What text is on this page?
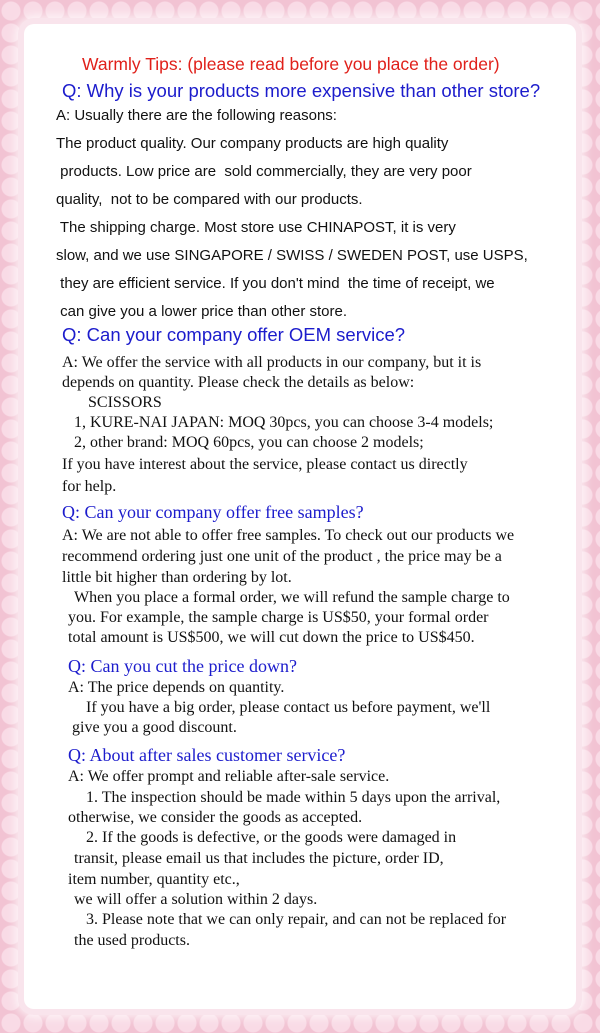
Warmly Tips: (please read before you place the order)
Q: Why is your products more expensive than other store?
A: Usually there are the following reasons:
The product quality. Our company products are high quality
products. Low price are  sold commercially, they are very poor
quality,  not to be compared with our products.
The shipping charge. Most store use CHINAPOST, it is very
slow, and we use SINGAPORE / SWISS / SWEDEN POST, use USPS,
they are efficient service. If you don't mind  the time of receipt, we
can give you a lower price than other store.
Q: Can your company offer OEM service?
A: We offer the service with all products in our company, but it is
depends on quantity. Please check the details as below:
SCISSORS
1, KURE-NAI JAPAN: MOQ 30pcs, you can choose 3-4 models;
2, other brand: MOQ 60pcs, you can choose 2 models;
If you have interest about the service, please contact us directly
for help.
Q: Can your company offer free samples?
A: We are not able to offer free samples. To check out our products we
recommend ordering just one unit of the product , the price may be a
little bit higher than ordering by lot.
When you place a formal order, we will refund the sample charge to
you. For example, the sample charge is US$50, your formal order
total amount is US$500, we will cut down the price to US$450.
Q: Can you cut the price down?
A: The price depends on quantity.
If you have a big order, please contact us before payment, we'll
give you a good discount.
Q: About after sales customer service?
A: We offer prompt and reliable after-sale service.
1. The inspection should be made within 5 days upon the arrival,
otherwise, we consider the goods as accepted.
2. If the goods is defective, or the goods were damaged in
transit, please email us that includes the picture, order ID,
item number, quantity etc.,
we will offer a solution within 2 days.
3. Please note that we can only repair, and can not be replaced for
the used products.
